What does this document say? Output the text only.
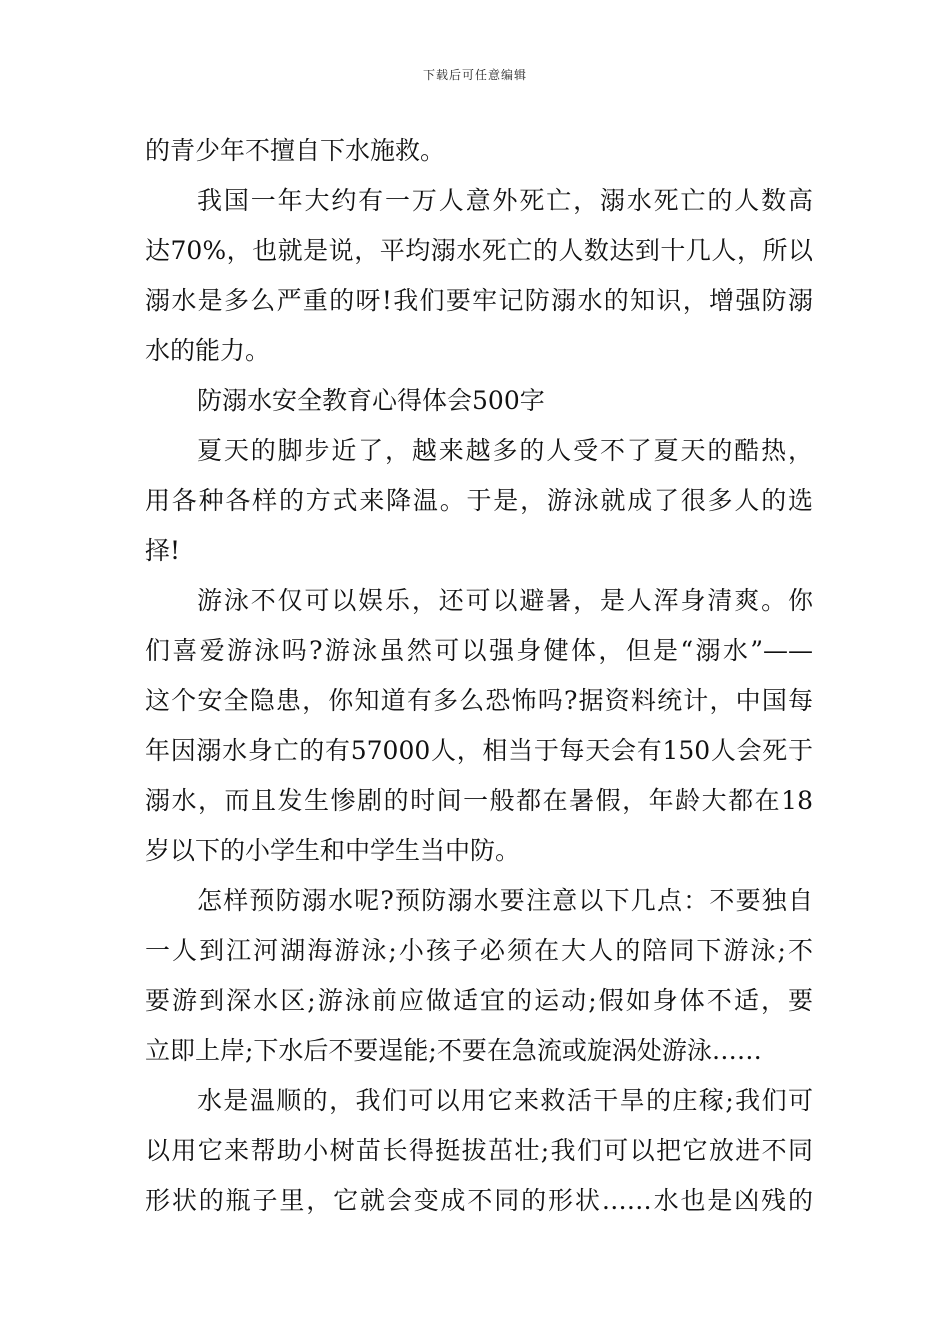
下载后可任意编辑
的青少年不擅自下水施救。
我国一年大约有一万人意外死亡，溺水死亡的人数高
达70%，也就是说，平均溺水死亡的人数达到十几人，所以
溺水是多么严重的呀!我们要牢记防溺水的知识，增强防溺
水的能力。
防溺水安全教育心得体会500字
夏天的脚步近了，越来越多的人受不了夏天的酷热，
用各种各样的方式来降温。于是，游泳就成了很多人的选
择!
游泳不仅可以娱乐，还可以避暑，是人浑身清爽。你
们喜爱游泳吗?游泳虽然可以强身健体，但是“溺水”——
这个安全隐患，你知道有多么恐怖吗?据资料统计，中国每
年因溺水身亡的有57000人，相当于每天会有150人会死于
溺水，而且发生惨剧的时间一般都在暑假，年龄大都在18
岁以下的小学生和中学生当中防。
怎样预防溺水呢?预防溺水要注意以下几点：不要独自
一人到江河湖海游泳;小孩子必须在大人的陪同下游泳;不
要游到深水区;游泳前应做适宜的运动;假如身体不适，要
立即上岸;下水后不要逞能;不要在急流或旋涡处游泳……
水是温顺的，我们可以用它来救活干旱的庄稼;我们可
以用它来帮助小树苗长得挺拔茁壮;我们可以把它放进不同
形状的瓶子里，它就会变成不同的形状……水也是凶残的
